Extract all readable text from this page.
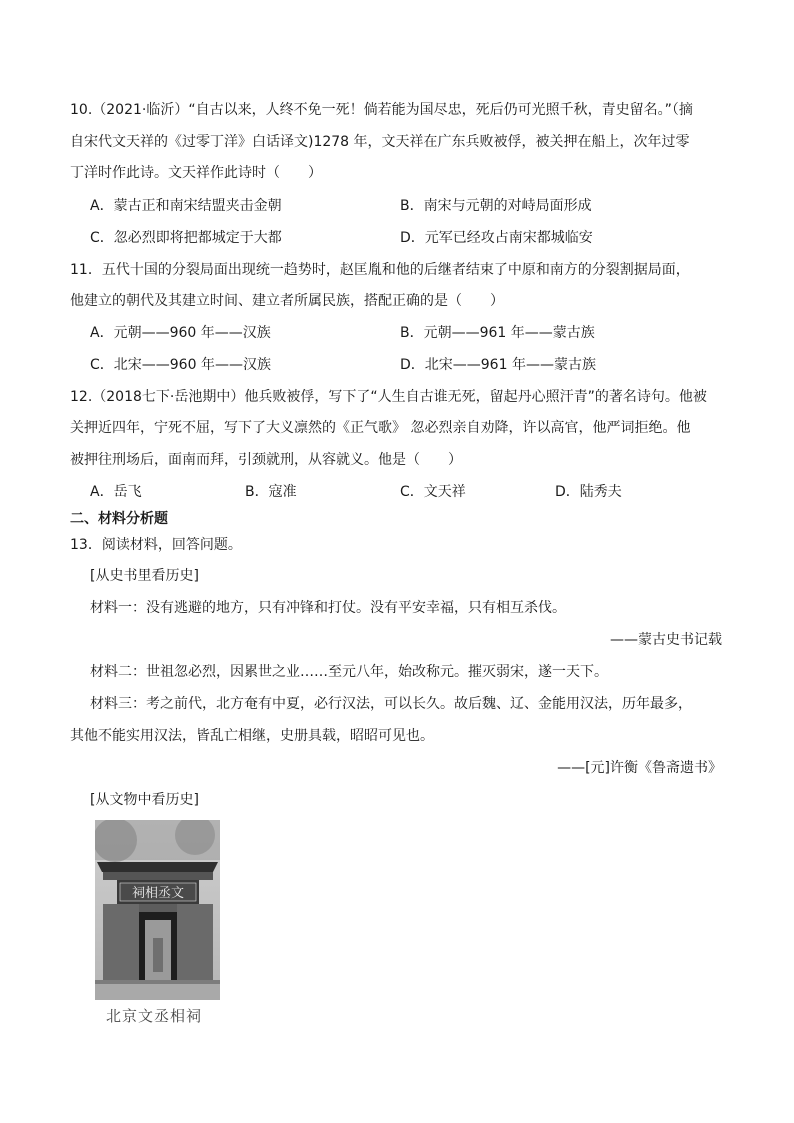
10.（2021·临沂）“自古以来，人终不免一死！倘若能为国尽忠，死后仍可光照千秋，青史留名。”（摘
自宋代文天祥的《过零丁洋》白话译文)1278 年，文天祥在广东兵败被俘，被关押在船上，次年过零
丁洋时作此诗。文天祥作此诗时（　　）
A．蒙古正和南宋结盟夹击金朝	B．南宋与元朝的对峙局面形成
C．忽必烈即将把都城定于大都	D．元军已经攻占南宋都城临安
11．五代十国的分裂局面出现统一趋势时，赵匡胤和他的后继者结束了中原和南方的分裂割据局面，
他建立的朝代及其建立时间、建立者所属民族，搭配正确的是（　　）
A．元朝——960 年——汉族	B．元朝——961 年——蒙古族
C．北宋——960 年——汉族	D．北宋——961 年——蒙古族
12.（2018七下·岳池期中）他兵败被俘，写下了“人生自古谁无死，留起丹心照汗青”的著名诗句。他被
关押近四年，宁死不屈，写下了大义凛然的《正气歌》 忽必烈亲自劝降，许以高官，他严词拒绝。他
被押往刑场后，面南而拜，引颈就刑，从容就义。他是（　　）
A．岳飞	B．寇准	C．文天祥	D．陆秀夫
二、材料分析题
13．阅读材料，回答问题。
[从史书里看历史]
材料一：没有逃避的地方，只有冲锋和打仗。没有平安幸福，只有相互杀伐。
——蒙古史书记载
材料二：世祖忽必烈，因累世之业……至元八年，始改称元。摧灭弱宋，遂一天下。
材料三：考之前代，北方奄有中夏，必行汉法，可以长久。故后魏、辽、金能用汉法，历年最多，
其他不能实用汉法，皆乱亡相继，史册具载，昭昭可见也。
——[元]许衡《鲁斋遗书》
[从文物中看历史]
祠相丞文
北京文丞相祠
